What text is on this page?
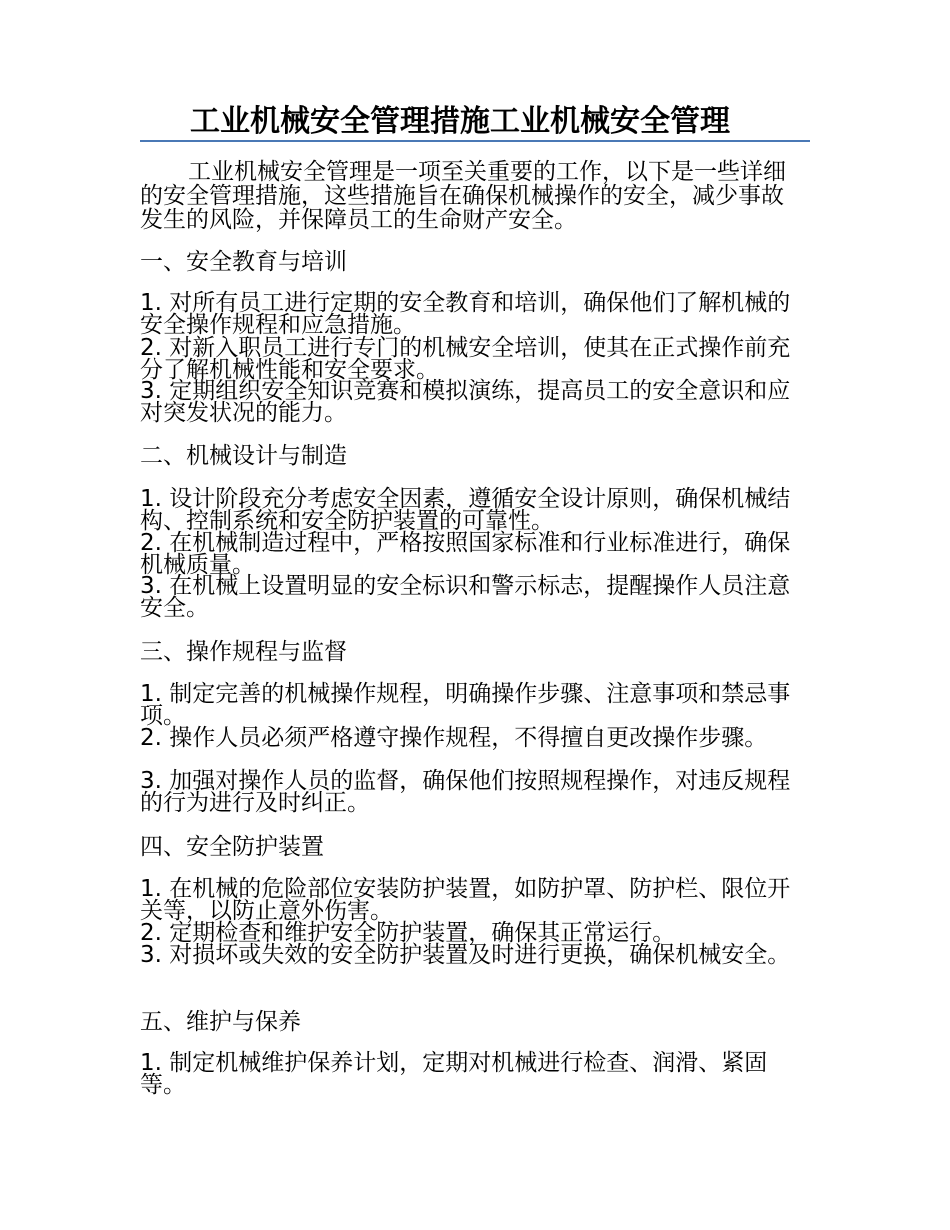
工业机械安全管理措施工业机械安全管理

工业机械安全管理是一项至关重要的工作，以下是一些详细的安全管理措施，这些措施旨在确保机械操作的安全，减少事故发生的风险，并保障员工的生命财产安全。

一、安全教育与培训
1. 对所有员工进行定期的安全教育和培训，确保他们了解机械的安全操作规程和应急措施。
2. 对新入职员工进行专门的机械安全培训，使其在正式操作前充分了解机械性能和安全要求。
3. 定期组织安全知识竞赛和模拟演练，提高员工的安全意识和应对突发状况的能力。
二、机械设计与制造
1. 设计阶段充分考虑安全因素，遵循安全设计原则，确保机械结构、控制系统和安全防护装置的可靠性。
2. 在机械制造过程中，严格按照国家标准和行业标准进行，确保机械质量。
3. 在机械上设置明显的安全标识和警示标志，提醒操作人员注意安全。
三、操作规程与监督
1. 制定完善的机械操作规程，明确操作步骤、注意事项和禁忌事项。
2. 操作人员必须严格遵守操作规程，不得擅自更改操作步骤。
3. 加强对操作人员的监督，确保他们按照规程操作，对违反规程的行为进行及时纠正。
四、安全防护装置
1. 在机械的危险部位安装防护装置，如防护罩、防护栏、限位开关等，以防止意外伤害。
2. 定期检查和维护安全防护装置，确保其正常运行。
3. 对损坏或失效的安全防护装置及时进行更换，确保机械安全。
五、维护与保养
1. 制定机械维护保养计划，定期对机械进行检查、润滑、紧固等。
